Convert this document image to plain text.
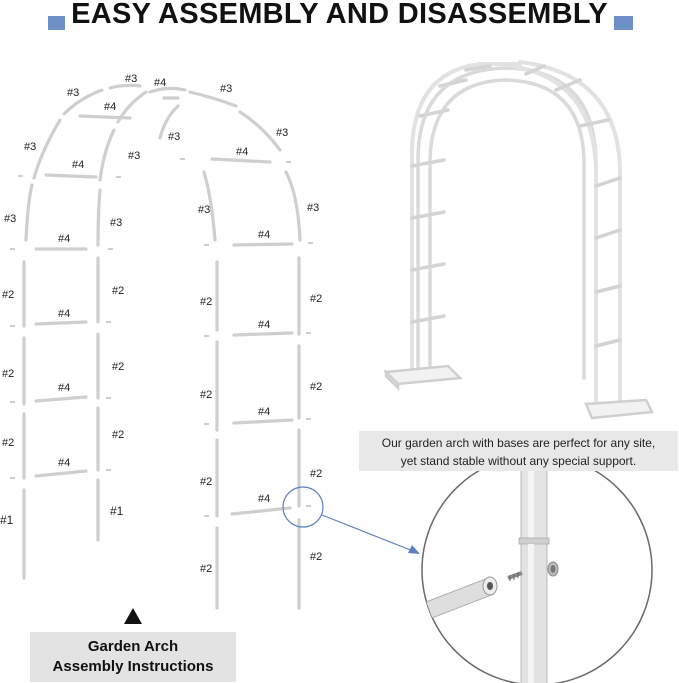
EASY ASSEMBLY AND DISASSEMBLY
#3 #4
#3	#3
#4
#3	#3
#3
#3	#4
#4
#3	#3
#3	#3
#4	#4
#2	#2
#2	#2
#4
#4
#2
#2
#2
#4
#2
#4
#2
#2
#4
#2
#2
#4
#1
#1
#2
#2
Our garden arch with bases are perfect for any site,
yet stand stable without any special support.
Garden Arch
Assembly Instructions
